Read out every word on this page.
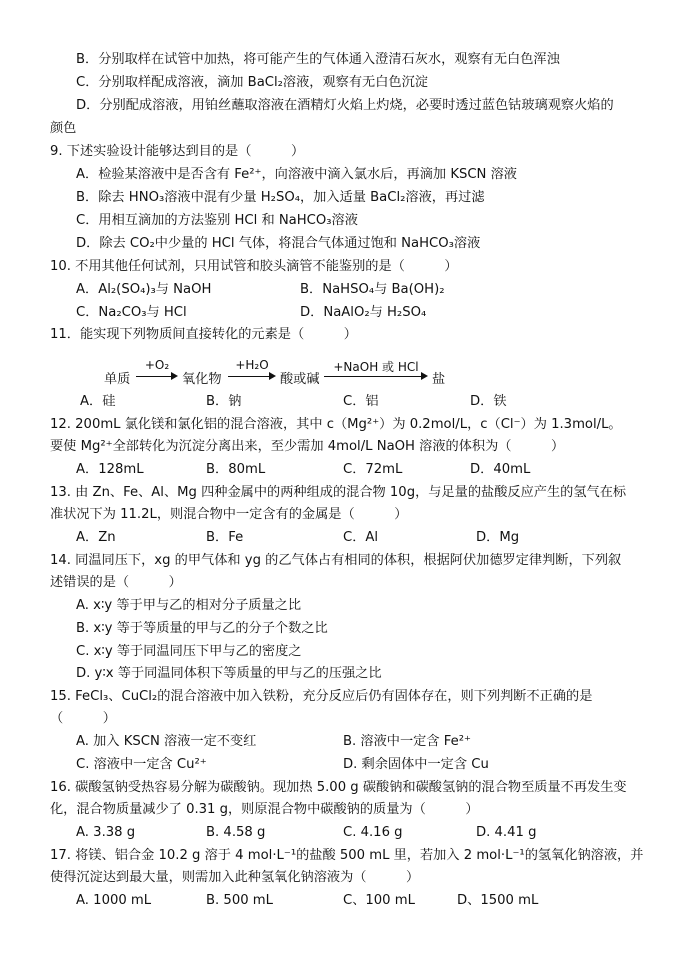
B．分别取样在试管中加热，将可能产生的气体通入澄清石灰水，观察有无白色浑浊
C．分别取样配成溶液，滴加 BaCl₂溶液，观察有无白色沉淀
D．分别配成溶液，用铂丝蘸取溶液在酒精灯火焰上灼烧，必要时透过蓝色钴玻璃观察火焰的
颜色
9. 下述实验设计能够达到目的是（　　　）
A．检验某溶液中是否含有 Fe²⁺，向溶液中滴入氯水后，再滴加 KSCN 溶液
B．除去 HNO₃溶液中混有少量 H₂SO₄，加入适量 BaCl₂溶液，再过滤
C．用相互滴加的方法鉴别 HCl 和 NaHCO₃溶液
D．除去 CO₂中少量的 HCl 气体，将混合气体通过饱和 NaHCO₃溶液
10. 不用其他任何试剂，只用试管和胶头滴管不能鉴别的是（　　　）
A．Al₂(SO₄)₃与 NaOH	B．NaHSO₄与 Ba(OH)₂
C．Na₂CO₃与 HCl	D．NaAlO₂与 H₂SO₄
11．能实现下列物质间直接转化的元素是（　　　）
单质
+O₂
氧化物
+H₂O
酸或碱
+NaOH 或 HCl
盐
A．硅	B．钠	C．铝	D．铁
12. 200mL 氯化镁和氯化铝的混合溶液，其中 c（Mg²⁺）为 0.2mol/L，c（Cl⁻）为 1.3mol/L。
要使 Mg²⁺全部转化为沉淀分离出来，至少需加 4mol/L NaOH 溶液的体积为（　　　）
A．128mL	B．80mL	C．72mL	D．40mL
13. 由 Zn、Fe、Al、Mg 四种金属中的两种组成的混合物 10g，与足量的盐酸反应产生的氢气在标
准状况下为 11.2L，则混合物中一定含有的金属是（　　　）
A．Zn	B．Fe	C．Al	D．Mg
14. 同温同压下，xg 的甲气体和 yg 的乙气体占有相同的体积，根据阿伏加德罗定律判断，下列叙
述错误的是（　　　）
A. x∶y 等于甲与乙的相对分子质量之比
B. x∶y 等于等质量的甲与乙的分子个数之比
C. x∶y 等于同温同压下甲与乙的密度之
D. y∶x 等于同温同体积下等质量的甲与乙的压强之比
15. FeCl₃、CuCl₂的混合溶液中加入铁粉，充分反应后仍有固体存在，则下列判断不正确的是
（　　　）
A. 加入 KSCN 溶液一定不变红	B. 溶液中一定含 Fe²⁺
C. 溶液中一定含 Cu²⁺	D. 剩余固体中一定含 Cu
16. 碳酸氢钠受热容易分解为碳酸钠。现加热 5.00 g 碳酸钠和碳酸氢钠的混合物至质量不再发生变
化，混合物质量减少了 0.31 g，则原混合物中碳酸钠的质量为（　　　）
A. 3.38 g	B. 4.58 g	C. 4.16 g	D. 4.41 g
17. 将镁、铝合金 10.2 g 溶于 4 mol·L⁻¹的盐酸 500 mL 里，若加入 2 mol·L⁻¹的氢氧化钠溶液，并
使得沉淀达到最大量，则需加入此种氢氧化钠溶液为（　　　）
A. 1000 mL	B. 500 mL	C、100 mL	D、1500 mL
